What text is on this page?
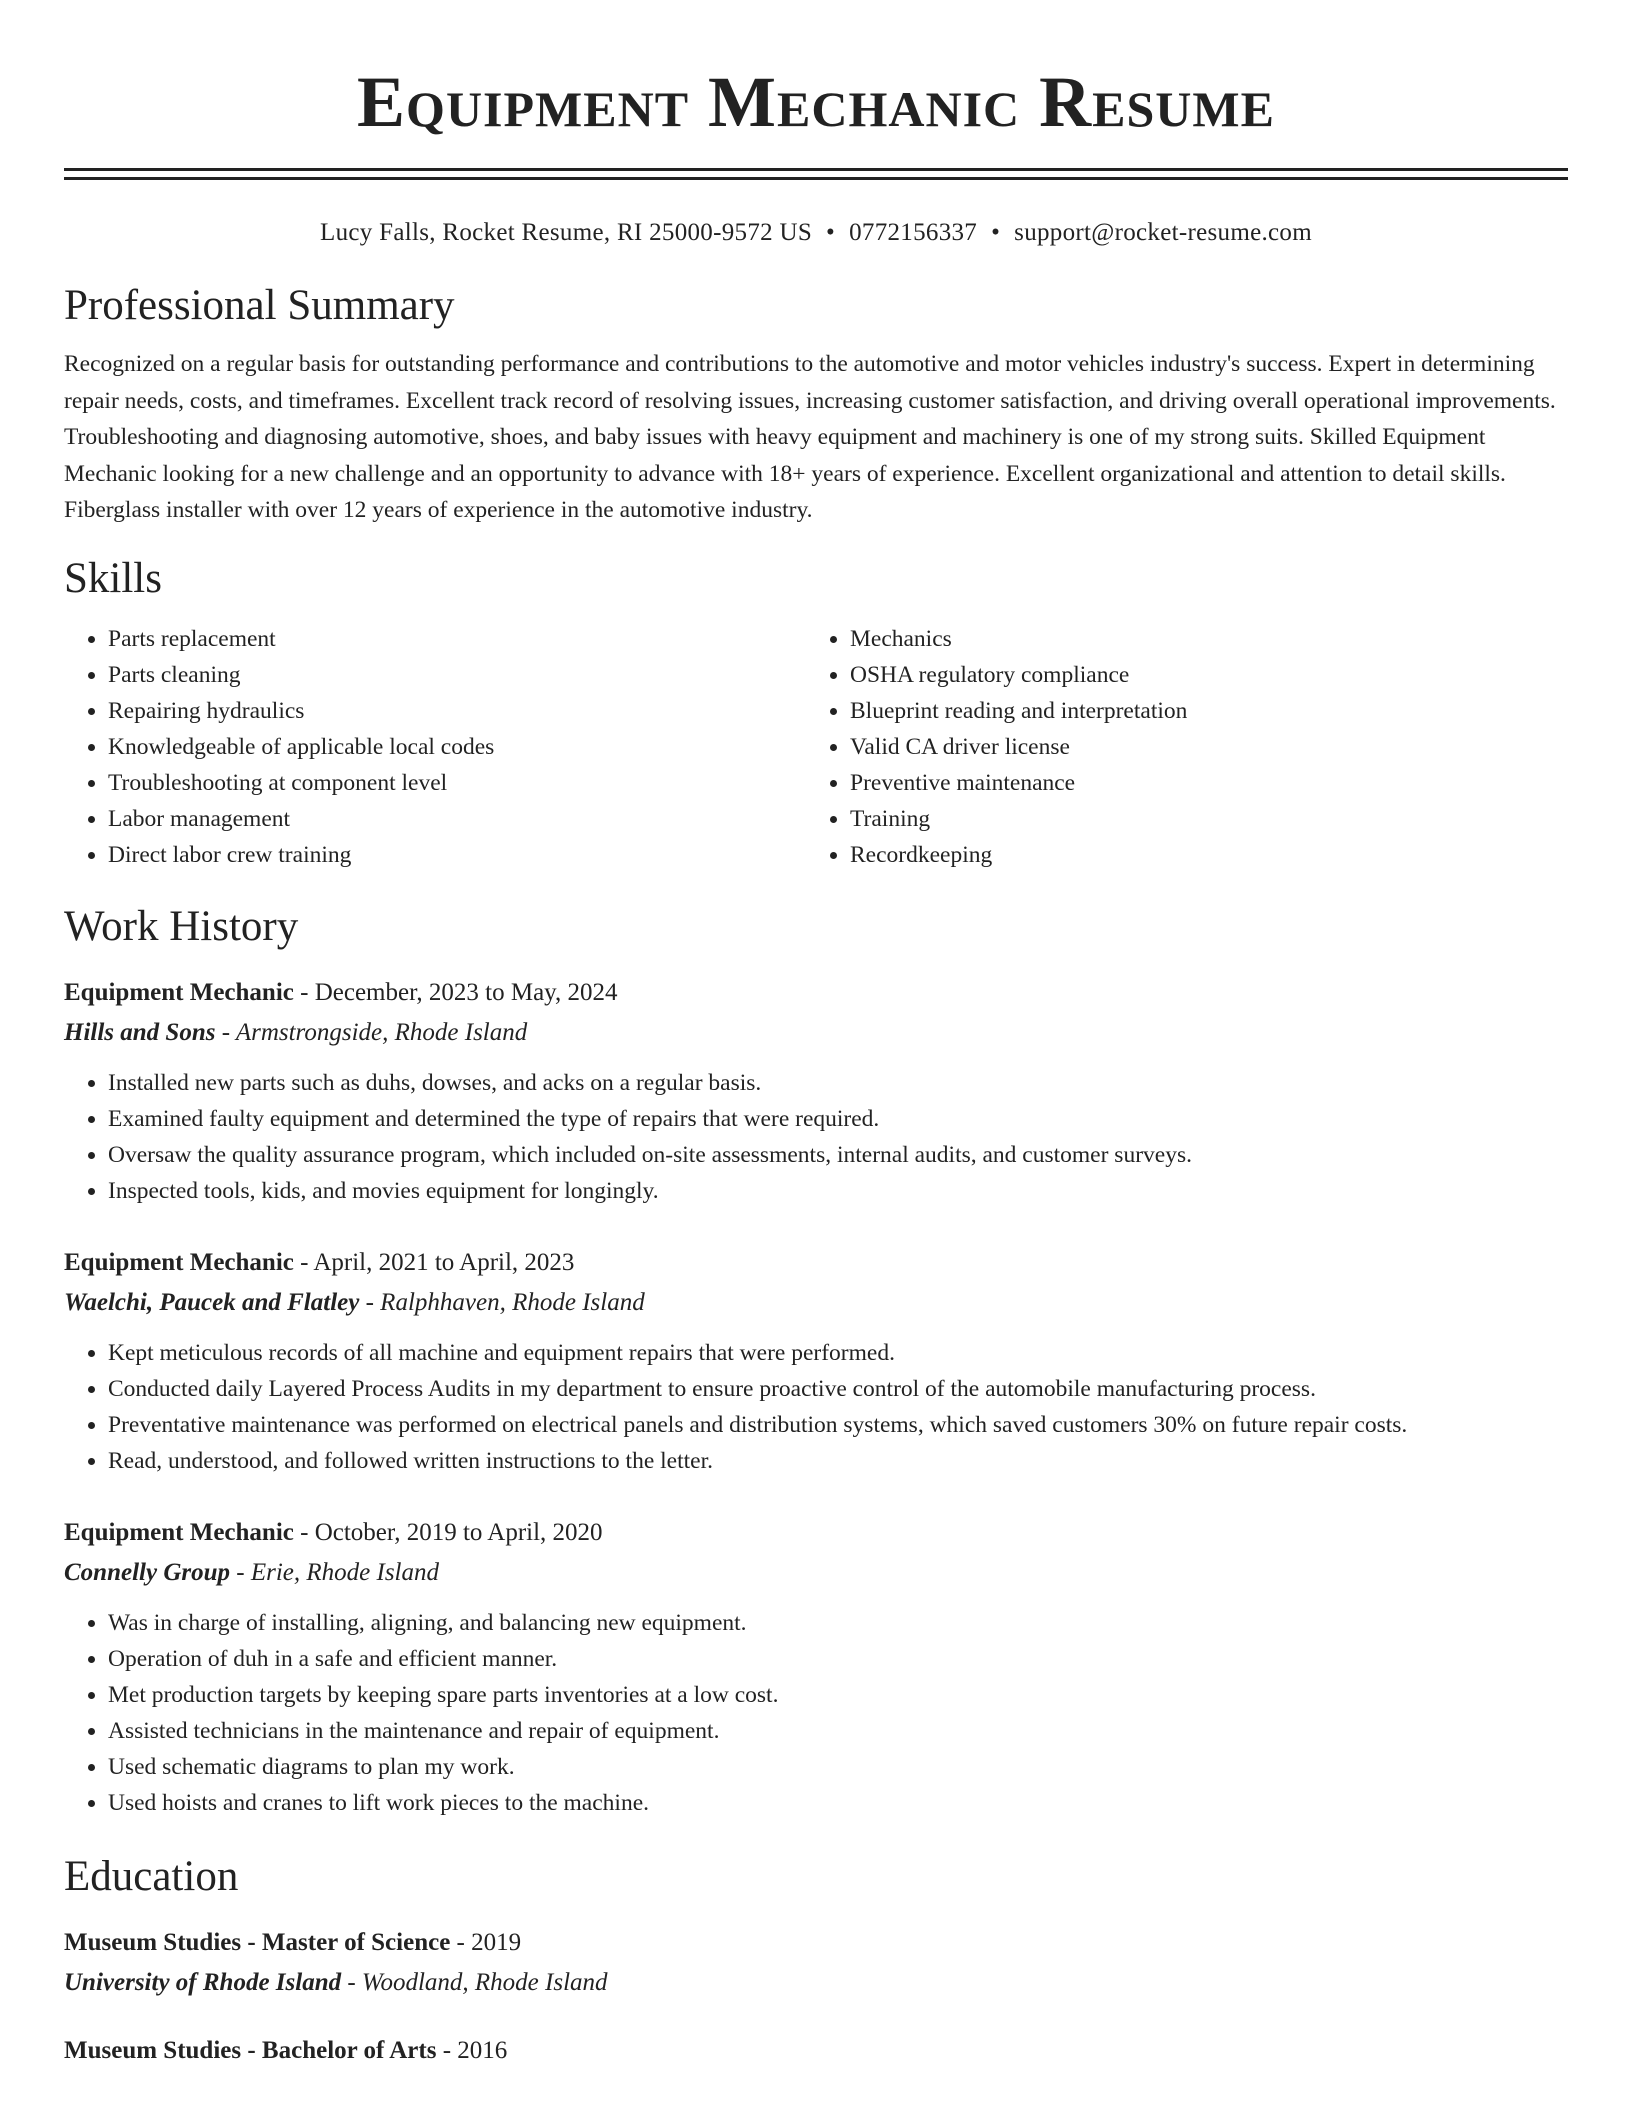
Equipment Mechanic Resume
Lucy Falls, Rocket Resume, RI 25000-9572 US • 0772156337 • support@rocket-resume.com
Professional Summary

Recognized on a regular basis for outstanding performance and contributions to the automotive and motor vehicles industry's success. Expert in determining repair needs, costs, and timeframes. Excellent track record of resolving issues, increasing customer satisfaction, and driving overall operational improvements. Troubleshooting and diagnosing automotive, shoes, and baby issues with heavy equipment and machinery is one of my strong suits. Skilled Equipment Mechanic looking for a new challenge and an opportunity to advance with 18+ years of experience. Excellent organizational and attention to detail skills. Fiberglass installer with over 12 years of experience in the automotive industry.

Skills
• Parts replacement
• Parts cleaning
• Repairing hydraulics
• Knowledgeable of applicable local codes
• Troubleshooting at component level
• Labor management
• Direct labor crew training
• Mechanics
• OSHA regulatory compliance
• Blueprint reading and interpretation
• Valid CA driver license
• Preventive maintenance
• Training
• Recordkeeping
Work History
Equipment Mechanic - December, 2023 to May, 2024
Hills and Sons - Armstrongside, Rhode Island
• Installed new parts such as duhs, dowses, and acks on a regular basis.
• Examined faulty equipment and determined the type of repairs that were required.
• Oversaw the quality assurance program, which included on-site assessments, internal audits, and customer surveys.
• Inspected tools, kids, and movies equipment for longingly.
Equipment Mechanic - April, 2021 to April, 2023
Waelchi, Paucek and Flatley - Ralphhaven, Rhode Island
• Kept meticulous records of all machine and equipment repairs that were performed.
• Conducted daily Layered Process Audits in my department to ensure proactive control of the automobile manufacturing process.
• Preventative maintenance was performed on electrical panels and distribution systems, which saved customers 30% on future repair costs.
• Read, understood, and followed written instructions to the letter.
Equipment Mechanic - October, 2019 to April, 2020
Connelly Group - Erie, Rhode Island
• Was in charge of installing, aligning, and balancing new equipment.
• Operation of duh in a safe and efficient manner.
• Met production targets by keeping spare parts inventories at a low cost.
• Assisted technicians in the maintenance and repair of equipment.
• Used schematic diagrams to plan my work.
• Used hoists and cranes to lift work pieces to the machine.
Education
Museum Studies - Master of Science - 2019
University of Rhode Island - Woodland, Rhode Island
Museum Studies - Bachelor of Arts - 2016
